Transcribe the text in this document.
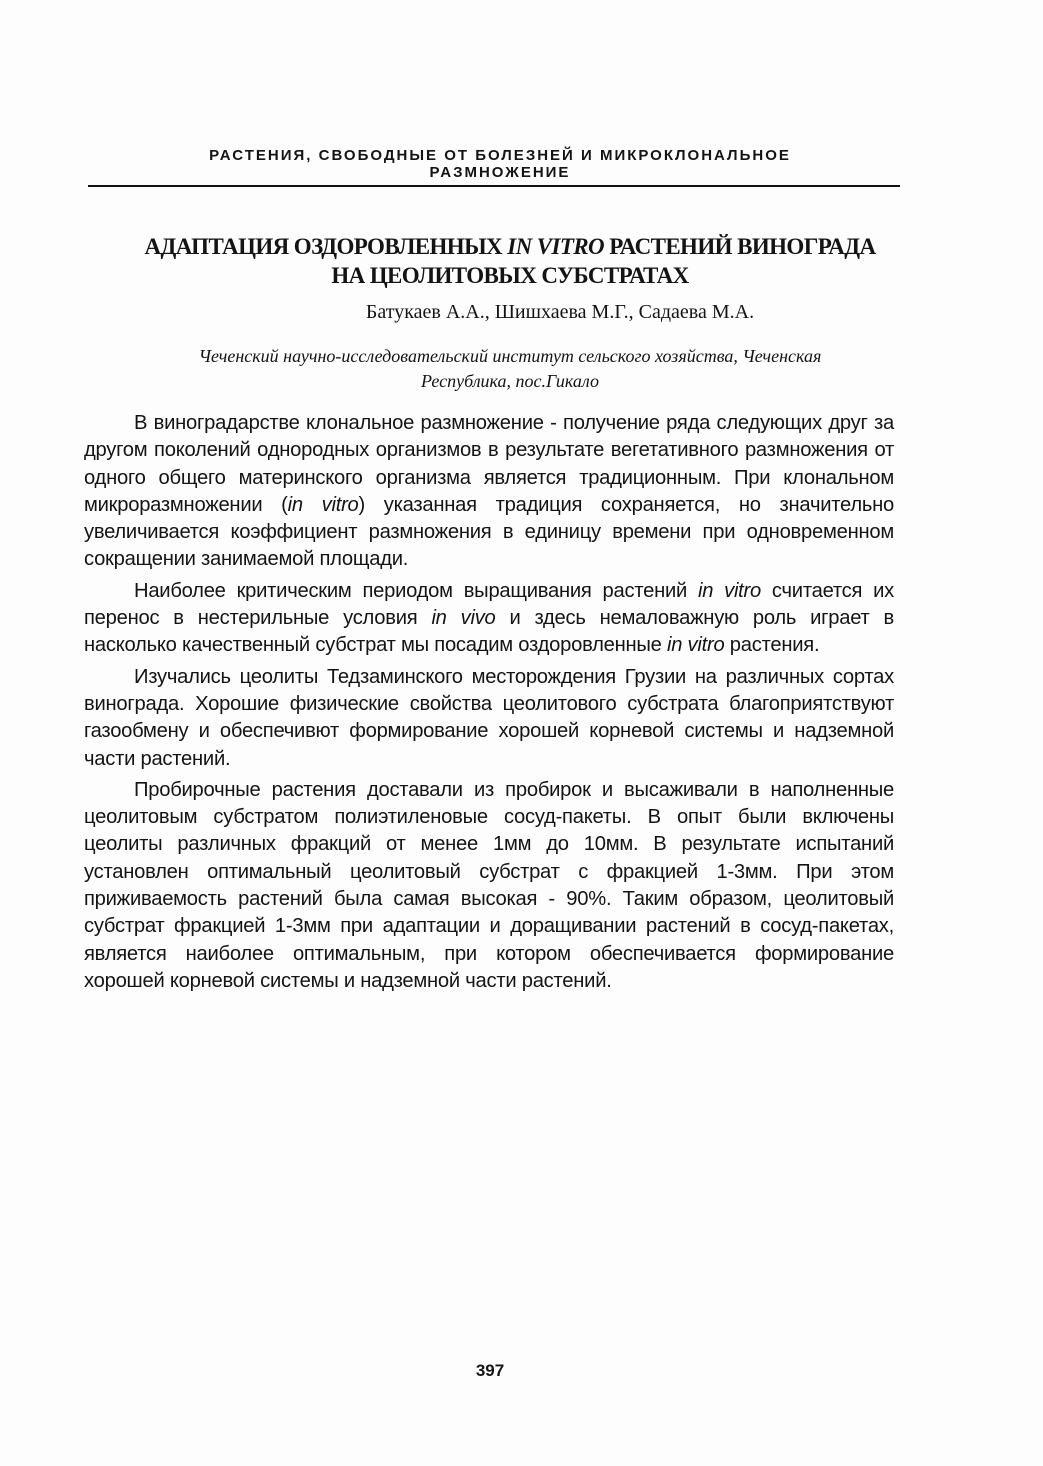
РАСТЕНИЯ, СВОБОДНЫЕ ОТ БОЛЕЗНЕЙ И МИКРОКЛОНАЛЬНОЕ
РАЗМНОЖЕНИЕ
АДАПТАЦИЯ ОЗДОРОВЛЕННЫХ IN VITRO РАСТЕНИЙ ВИНОГРАДА
НА ЦЕОЛИТОВЫХ СУБСТРАТАХ
Батукаев А.А., Шишхаева М.Г., Садаева М.А.
Чеченский научно-исследовательский институт сельского хозяйства, Чеченская
Республика, пос.Гикало

В виноградарстве клональное размножение - получение ряда следующих друг за другом поколений однородных организмов в результате вегетативного размножения от одного общего материнского организма является традиционным. При клональном микроразмножении (in vitro) указанная традиция сохраняется, но значительно увеличивается коэффициент размножения в единицу времени при одновременном сокращении занимаемой площади.

Наиболее критическим периодом выращивания растений in vitro считается их перенос в нестерильные условия in vivo и здесь немаловажную роль играет в насколько качественный субстрат мы посадим оздоровленные in vitro растения.

Изучались цеолиты Тедзаминского месторождения Грузии на различных сортах винограда. Хорошие физические свойства цеолитового субстрата благоприятствуют газообмену и обеспечивют формирование хорошей корневой системы и надземной части растений.

Пробирочные растения доставали из пробирок и высаживали в наполненные цеолитовым субстратом полиэтиленовые сосуд-пакеты. В опыт были включены цеолиты различных фракций от менее 1мм до 10мм. В результате испытаний установлен оптимальный цеолитовый субстрат с фракцией 1-3мм. При этом приживаемость растений была самая высокая - 90%. Таким образом, цеолитовый субстрат фракцией 1-3мм при адаптации и доращивании растений в сосуд-пакетах, является наиболее оптимальным, при котором обеспечивается формирование хорошей корневой системы и надземной части растений.

397
